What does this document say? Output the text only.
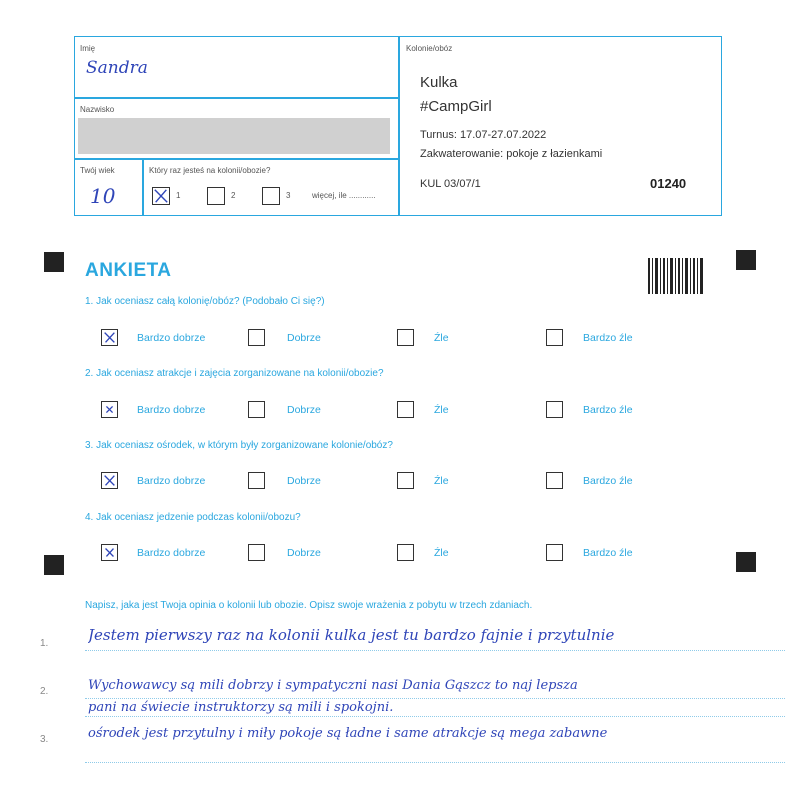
Imię
Sandra
Nazwisko
Twój wiek
10
Który raz jesteś na kolonii/obozie?
1	2	3	więcej, ile ............
Kolonie/obóz
Kulka
#CampGirl
Turnus: 17.07-27.07.2022
Zakwaterowanie: pokoje z łazienkami
KUL 03/07/1	01240
ANKIETA
1. Jak oceniasz całą kolonię/obóz? (Podobało Ci się?)
Bardzo dobrze	Dobrze	Źle	Bardzo źle
2. Jak oceniasz atrakcje i zajęcia zorganizowane na kolonii/obozie?
Bardzo dobrze	Dobrze	Źle	Bardzo źle
3. Jak oceniasz ośrodek, w którym były zorganizowane kolonie/obóz?
Bardzo dobrze	Dobrze	Źle	Bardzo źle
4. Jak oceniasz jedzenie podczas kolonii/obozu?
Bardzo dobrze	Dobrze	Źle	Bardzo źle
Napisz, jaka jest Twoja opinia o kolonii lub obozie. Opisz swoje wrażenia z pobytu w trzech zdaniach.
1.
2.
3.
Jestem pierwszy raz na kolonii kulka jest tu bardzo fajnie i przytulnie
Wychowawcy są mili dobrzy i sympatyczni nasi Dania Gąszcz to naj lepsza
pani na świecie instruktorzy są mili i spokojni.
ośrodek jest przytulny i miły pokoje są ładne i same atrakcje są mega zabawne
